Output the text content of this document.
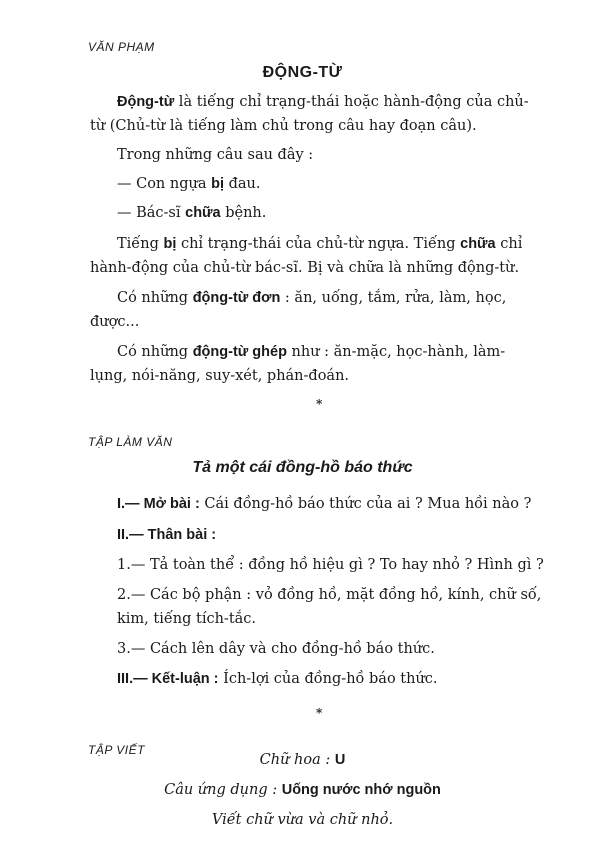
VĂN PHẠM
ĐỘNG-TỪ
Động-từ là tiếng chỉ trạng-thái hoặc hành-động của chủ-
từ (Chủ-từ là tiếng làm chủ trong câu hay đoạn câu).
Trong những câu sau đây :
— Con ngựa bị đau.
— Bác-sĩ chữa bệnh.
Tiếng bị chỉ trạng-thái của chủ-từ ngựa. Tiếng chữa chỉ
hành-động của chủ-từ bác-sĩ. Bị và chữa là những động-từ.
Có những động-từ đơn : ăn, uống, tắm, rửa, làm, học,
được...
Có những động-từ ghép như : ăn-mặc, học-hành, làm-
lụng, nói-năng, suy-xét, phán-đoán.
*
TẬP LÀM VĂN
Tả một cái đồng-hồ báo thức
I.— Mở bài : Cái đồng-hồ báo thức của ai ? Mua hồi nào ?
II.— Thân bài :
1.— Tả toàn thể : đồng hồ hiệu gì ? To hay nhỏ ? Hình gì ?
2.— Các bộ phận : vỏ đồng hồ, mặt đồng hồ, kính, chữ số,
kim, tiếng tích-tắc.
3.— Cách lên dây và cho đồng-hồ báo thức.
III.— Kết-luận : Ích-lợi của đồng-hồ báo thức.
*
TẬP VIẾT
Chữ hoa : U
Câu ứng dụng : Uống nước nhớ nguồn
Viết chữ vừa và chữ nhỏ.
